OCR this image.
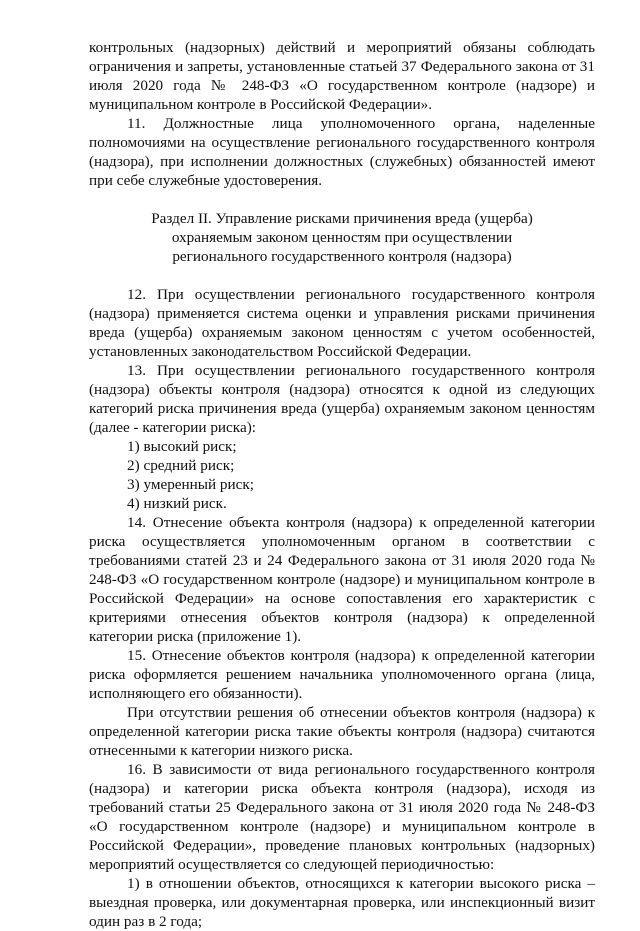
контрольных (надзорных) действий и мероприятий обязаны соблюдать ограничения и запреты, установленные статьей 37 Федерального закона от 31 июля 2020 года № 248-ФЗ «О государственном контроле (надзоре) и муниципальном контроле в Российской Федерации».

11. Должностные лица уполномоченного органа, наделенные полномочиями на осуществление регионального государственного контроля (надзора), при исполнении должностных (служебных) обязанностей имеют при себе служебные удостоверения.

Раздел II. Управление рисками причинения вреда (ущерба)
охраняемым законом ценностям при осуществлении
регионального государственного контроля (надзора)

12. При осуществлении регионального государственного контроля (надзора) применяется система оценки и управления рисками причинения вреда (ущерба) охраняемым законом ценностям с учетом особенностей, установленных законодательством Российской Федерации.

13. При осуществлении регионального государственного контроля (надзора) объекты контроля (надзора) относятся к одной из следующих категорий риска причинения вреда (ущерба) охраняемым законом ценностям (далее - категории риска):

1) высокий риск;

2) средний риск;

3) умеренный риск;

4) низкий риск.

14. Отнесение объекта контроля (надзора) к определенной категории риска осуществляется уполномоченным органом в соответствии с требованиями статей 23 и 24 Федерального закона от 31 июля 2020 года № 248-ФЗ «О государственном контроле (надзоре) и муниципальном контроле в Российской Федерации» на основе сопоставления его характеристик с критериями отнесения объектов контроля (надзора) к определенной категории риска (приложение 1).

15. Отнесение объектов контроля (надзора) к определенной категории риска оформляется решением начальника уполномоченного органа (лица, исполняющего его обязанности).

При отсутствии решения об отнесении объектов контроля (надзора) к определенной категории риска такие объекты контроля (надзора) считаются отнесенными к категории низкого риска.

16. В зависимости от вида регионального государственного контроля (надзора) и категории риска объекта контроля (надзора), исходя из требований статьи 25 Федерального закона от 31 июля 2020 года № 248-ФЗ «О государственном контроле (надзоре) и муниципальном контроле в Российской Федерации», проведение плановых контрольных (надзорных) мероприятий осуществляется со следующей периодичностью:

1) в отношении объектов, относящихся к категории высокого риска – выездная проверка, или документарная проверка, или инспекционный визит один раз в 2 года;
